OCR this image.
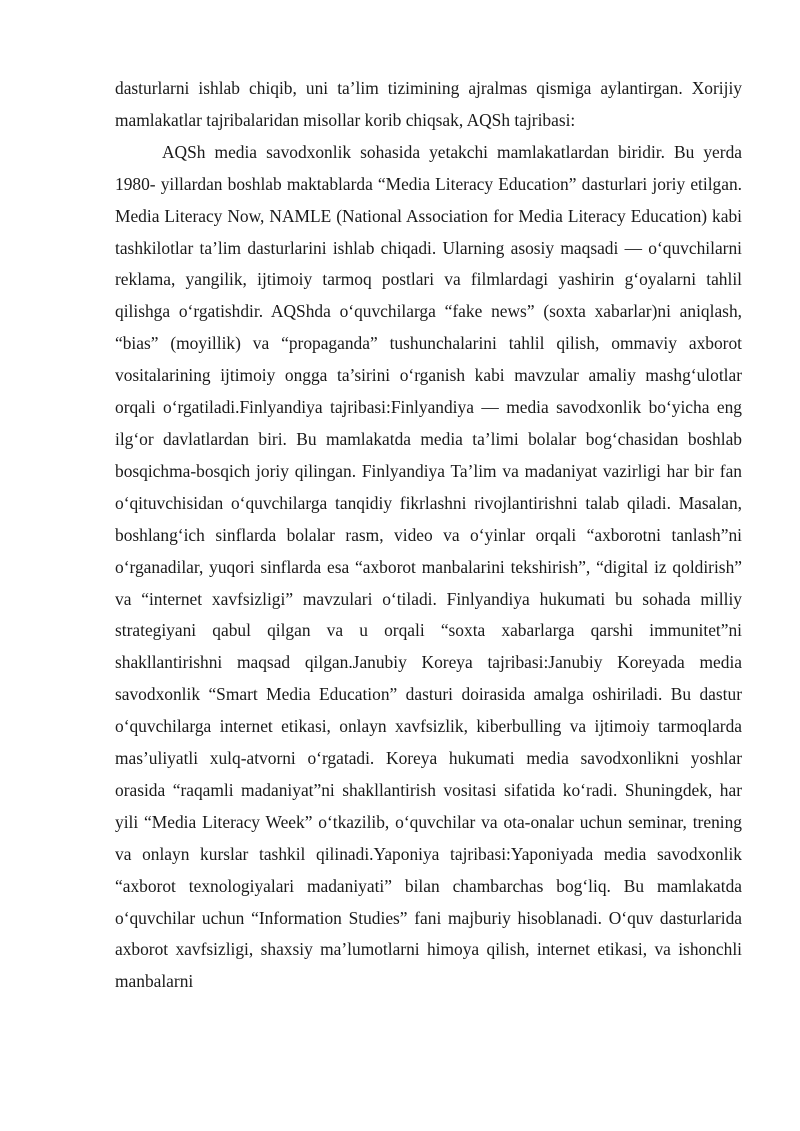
dasturlarni ishlab chiqib, uni ta’lim tizimining ajralmas qismiga aylantirgan. Xorijiy mamlakatlar tajribalaridan misollar korib chiqsak, AQSh tajribasi:

AQSh media savodxonlik sohasida yetakchi mamlakatlardan biridir. Bu yerda 1980- yillardan boshlab maktablarda “Media Literacy Education” dasturlari joriy etilgan. Media Literacy Now, NAMLE (National Association for Media Literacy Education) kabi tashkilotlar ta’lim dasturlarini ishlab chiqadi. Ularning asosiy maqsadi — o‘quvchilarni reklama, yangilik, ijtimoiy tarmoq postlari va filmlardagi yashirin g‘oyalarni tahlil qilishga o‘rgatishdir. AQShda o‘quvchilarga “fake news” (soxta xabarlar)ni aniqlash, “bias” (moyillik) va “propaganda” tushunchalarini tahlil qilish, ommaviy axborot vositalarining ijtimoiy ongga ta’sirini o‘rganish kabi mavzular amaliy mashg‘ulotlar orqali o‘rgatiladi.Finlyandiya tajribasi:Finlyandiya — media savodxonlik bo‘yicha eng ilg‘or davlatlardan biri. Bu mamlakatda media ta’limi bolalar bog‘chasidan boshlab bosqichma-bosqich joriy qilingan. Finlyandiya Ta’lim va madaniyat vazirligi har bir fan o‘qituvchisidan o‘quvchilarga tanqidiy fikrlashni rivojlantirishni talab qiladi. Masalan, boshlang‘ich sinflarda bolalar rasm, video va o‘yinlar orqali “axborotni tanlash”ni o‘rganadilar, yuqori sinflarda esa “axborot manbalarini tekshirish”, “digital iz qoldirish” va “internet xavfsizligi” mavzulari o‘tiladi. Finlyandiya hukumati bu sohada milliy strategiyani qabul qilgan va u orqali “soxta xabarlarga qarshi immunitet”ni shakllantirishni maqsad qilgan.Janubiy Koreya tajribasi:Janubiy Koreyada media savodxonlik “Smart Media Education” dasturi doirasida amalga oshiriladi. Bu dastur o‘quvchilarga internet etikasi, onlayn xavfsizlik, kiberbulling va ijtimoiy tarmoqlarda mas’uliyatli xulq-atvorni o‘rgatadi. Koreya hukumati media savodxonlikni yoshlar orasida “raqamli madaniyat”ni shakllantirish vositasi sifatida ko‘radi. Shuningdek, har yili “Media Literacy Week” o‘tkazilib, o‘quvchilar va ota-onalar uchun seminar, trening va onlayn kurslar tashkil qilinadi.Yaponiya tajribasi:Yaponiyada media savodxonlik “axborot texnologiyalari madaniyati” bilan chambarchas bog‘liq. Bu mamlakatda o‘quvchilar uchun “Information Studies” fani majburiy hisoblanadi. O‘quv dasturlarida axborot xavfsizligi, shaxsiy ma’lumotlarni himoya qilish, internet etikasi, va ishonchli manbalarni
